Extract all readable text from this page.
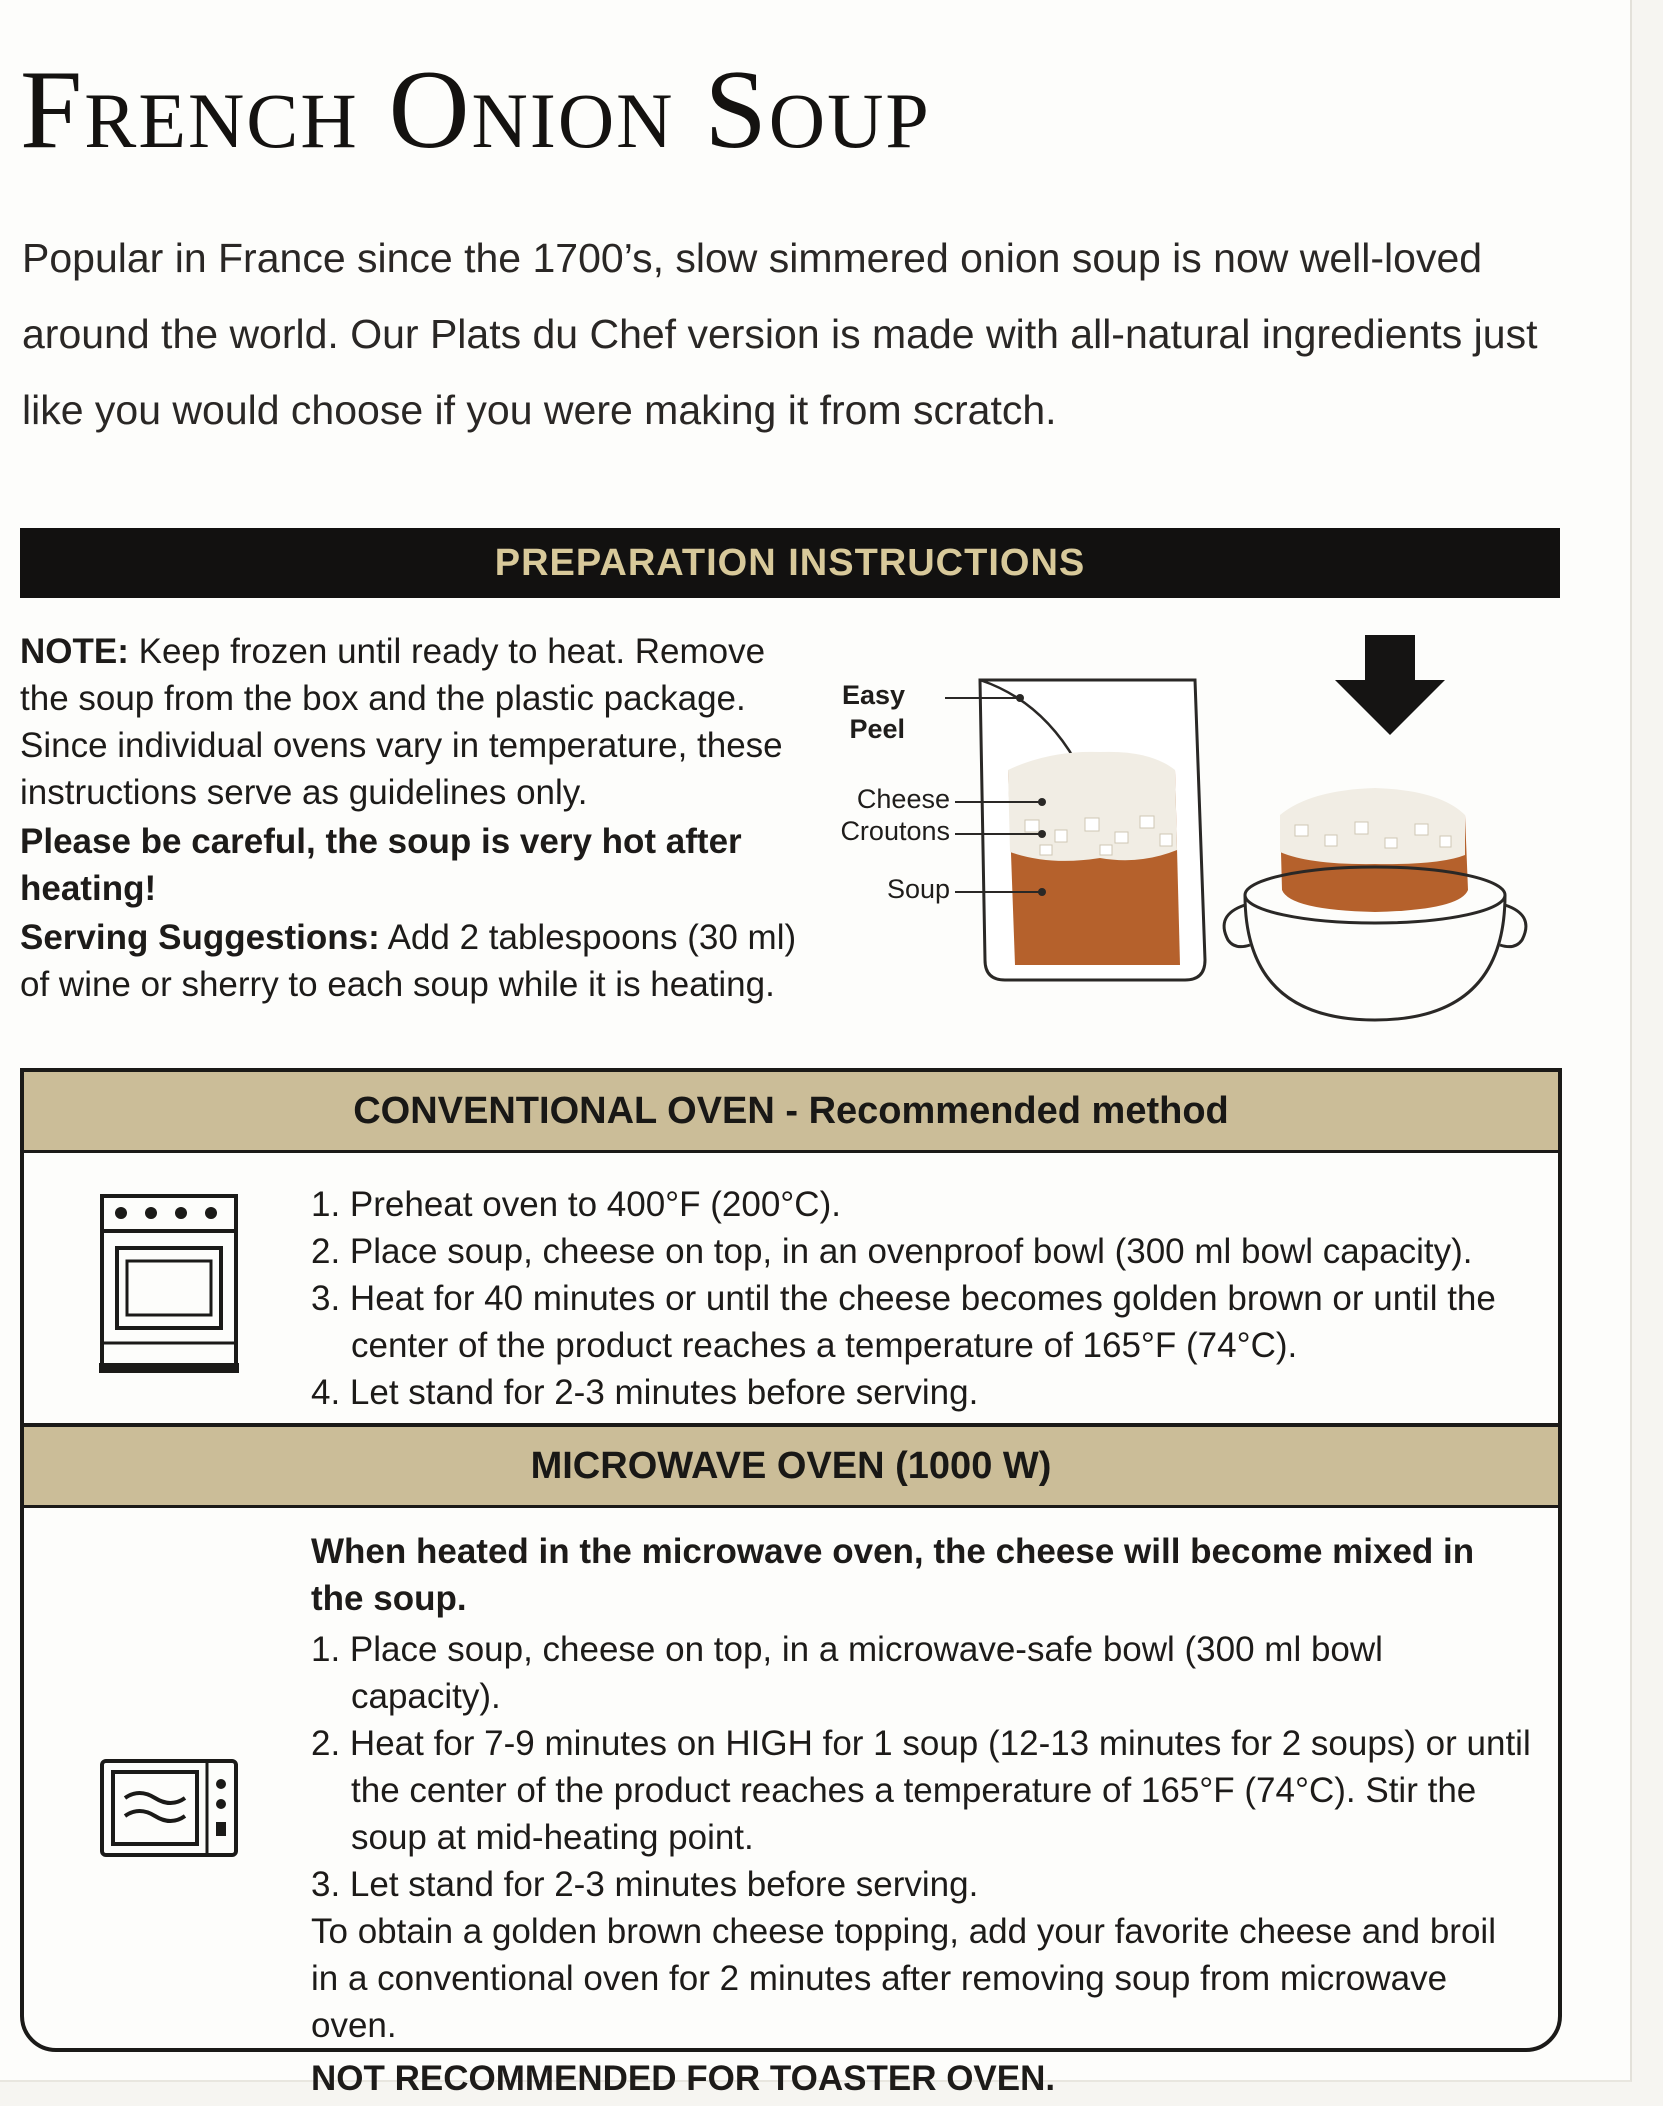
French Onion Soup
Popular in France since the 1700’s, slow simmered onion soup is now well-loved around the world. Our Plats du Chef version is made with all-natural ingredients just like you would choose if you were making it from scratch.
PREPARATION INSTRUCTIONS

NOTE: Keep frozen until ready to heat. Remove the soup from the box and the plastic package. Since individual ovens vary in temperature, these instructions serve as guidelines only.

Please be careful, the soup is very hot after heating!

Serving Suggestions: Add 2 tablespoons (30 ml) of wine or sherry to each soup while it is heating.

Easy
Peel
Cheese
Croutons
Soup
CONVENTIONAL OVEN - Recommended method
1. Preheat oven to 400°F (200°C).
2. Place soup, cheese on top, in an ovenproof bowl (300 ml bowl capacity).
3. Heat for 40 minutes or until the cheese becomes golden brown or until the center of the product reaches a temperature of 165°F (74°C).
4. Let stand for 2-3 minutes before serving.
MICROWAVE OVEN (1000 W)

When heated in the microwave oven, the cheese will become mixed in the soup.

1. Place soup, cheese on top, in a microwave-safe bowl (300 ml bowl capacity).
2. Heat for 7-9 minutes on HIGH for 1 soup (12-13 minutes for 2 soups) or until the center of the product reaches a temperature of 165°F (74°C). Stir the soup at mid-heating point.
3. Let stand for 2-3 minutes before serving.

To obtain a golden brown cheese topping, add your favorite cheese and broil in a conventional oven for 2 minutes after removing soup from microwave oven.

NOT RECOMMENDED FOR TOASTER OVEN.
